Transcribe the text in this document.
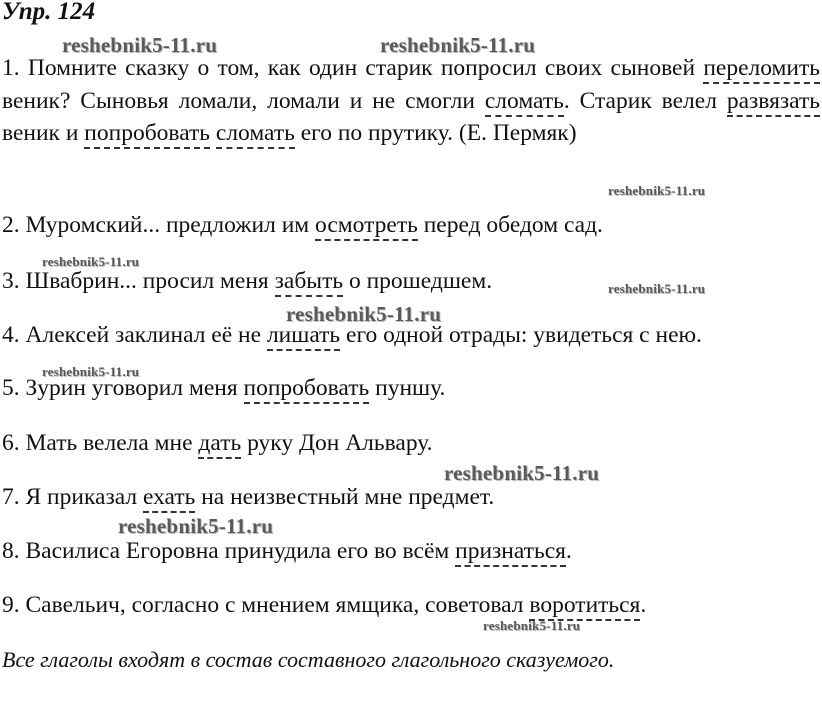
Упр. 124
reshebnik5-11.ru	reshebnik5-11.ru
1. Помните сказку о том, как один старик попросил своих сыновей переломить веник? Сыновья ломали, ломали и не смогли сломать. Старик велел развязать веник и попробовать сломать его по прутику. (Е. Пермяк)
reshebnik5-11.ru
2. Муромский... предложил им осмотреть перед обедом сад.
reshebnik5-11.ru
3. Швабрин... просил меня забыть о прошедшем.	reshebnik5-11.ru
reshebnik5-11.ru
4. Алексей заклинал её не лишать его одной отрады: увидеться с нею.
reshebnik5-11.ru
5. Зурин уговорил меня попробовать пуншу.
6. Мать велела мне дать руку Дон Альвару.
reshebnik5-11.ru
7. Я приказал ехать на неизвестный мне предмет.
reshebnik5-11.ru
8. Василиса Егоровна принудила его во всём признаться.
9. Савельич, согласно с мнением ямщика, советовал воротиться.
reshebnik5-11.ru
Все глаголы входят в состав составного глагольного сказуемого.
